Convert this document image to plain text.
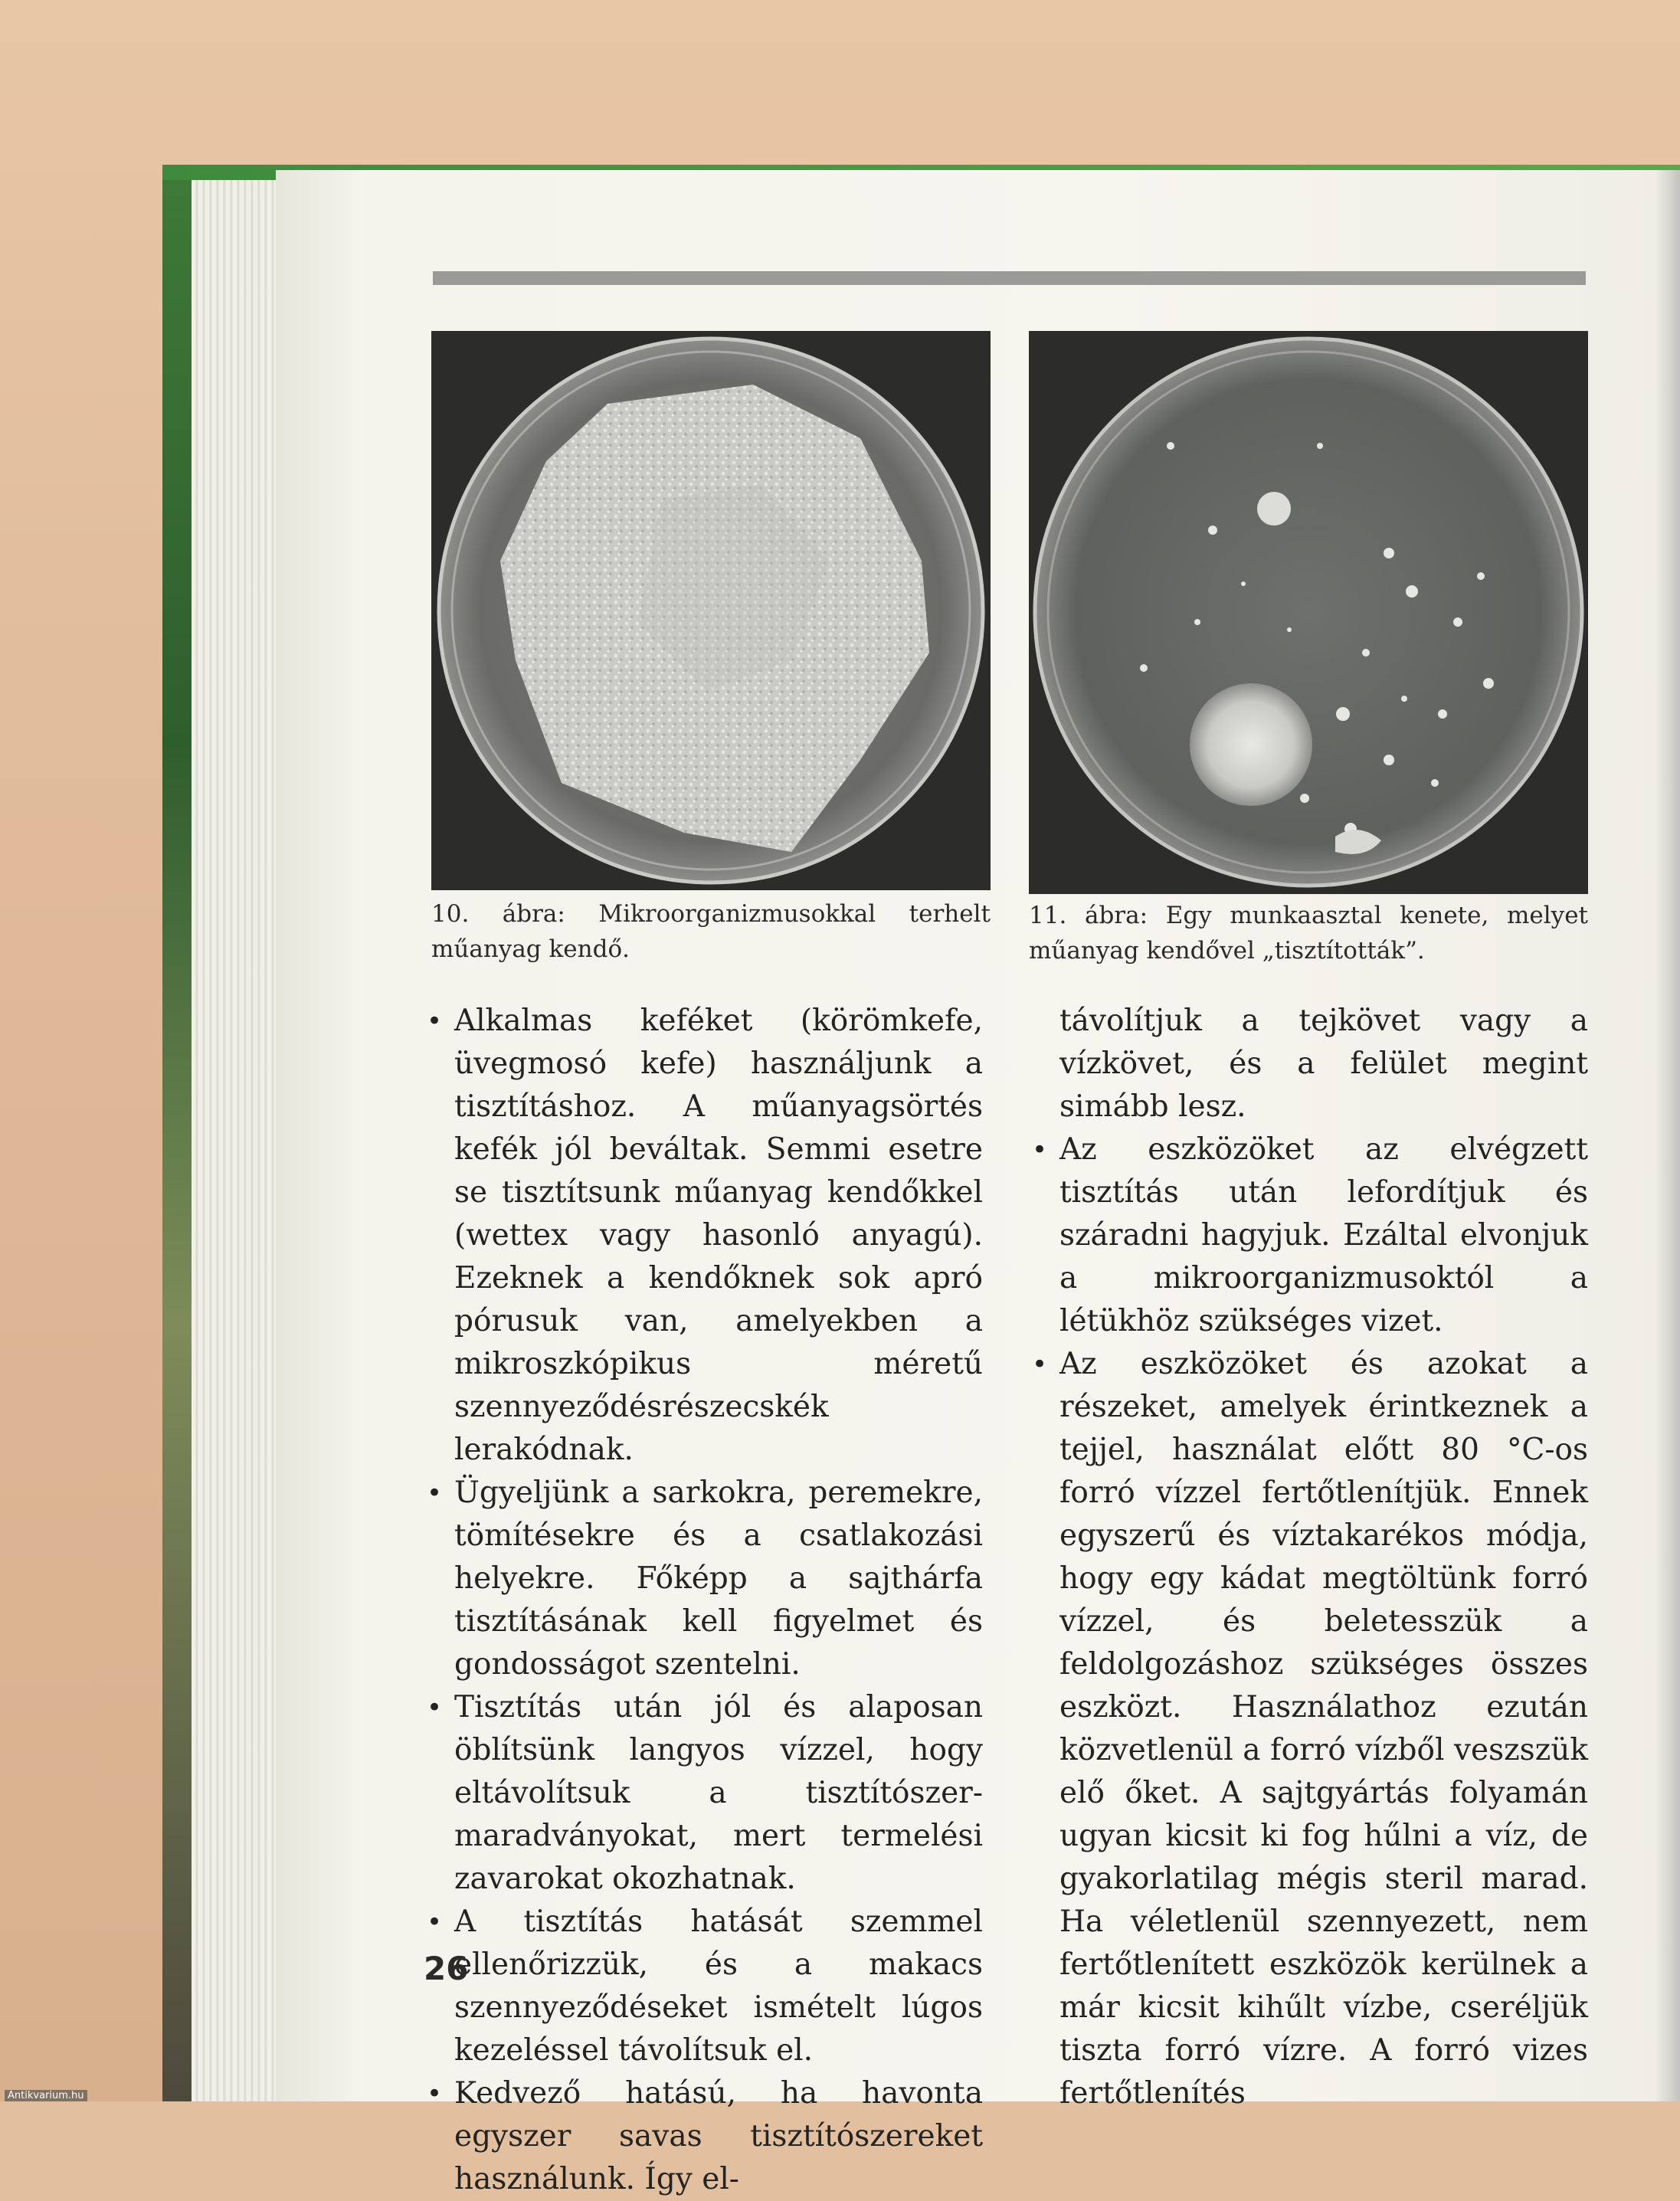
10. ábra: Mikroorganizmusokkal terhelt műanyag kendő.
11. ábra: Egy munkaasztal kenete, melyet műanyag kendővel „tisztították”.
• Alkalmas keféket (körömkefe, üvegmosó kefe) használjunk a tisztításhoz. A műanyagsörtés kefék jól beváltak. Semmi esetre se tisztítsunk műanyag kendőkkel (wettex vagy hasonló anyagú). Ezeknek a kendőknek sok apró pórusuk van, amelyekben a mikroszkópikus méretű szennyeződésrészecskék lerakódnak.
• Ügyeljünk a sarkokra, peremekre, tömítésekre és a csatlakozási helyekre. Főképp a sajthárfa tisztításának kell figyelmet és gondosságot szentelni.
• Tisztítás után jól és alaposan öblítsünk langyos vízzel, hogy eltávolítsuk a tisztítószer-maradványokat, mert termelési zavarokat okozhatnak.
• A tisztítás hatását szemmel ellenőrizzük, és a makacs szennyeződéseket ismételt lúgos kezeléssel távolítsuk el.
• Kedvező hatású, ha havonta egyszer savas tisztítószereket használunk. Így el-

távolítjuk a tejkövet vagy a vízkövet, és a felület megint simább lesz.

• Az eszközöket az elvégzett tisztítás után lefordítjuk és száradni hagyjuk. Ezáltal elvonjuk a mikroorganizmusoktól a létükhöz szükséges vizet.
• Az eszközöket és azokat a részeket, amelyek érintkeznek a tejjel, használat előtt 80 °C-os forró vízzel fertőtlenítjük. Ennek egyszerű és víztakarékos módja, hogy egy kádat megtöltünk forró vízzel, és beletesszük a feldolgozáshoz szükséges összes eszközt. Használathoz ezután közvetlenül a forró vízből veszszük elő őket. A sajtgyártás folyamán ugyan kicsit ki fog hűlni a víz, de gyakorlatilag mégis steril marad. Ha véletlenül szennyezett, nem fertőtlenített eszközök kerülnek a már kicsit kihűlt vízbe, cseréljük tiszta forró vízre. A forró vizes fertőtlenítés
26
Antikvarium.hu
